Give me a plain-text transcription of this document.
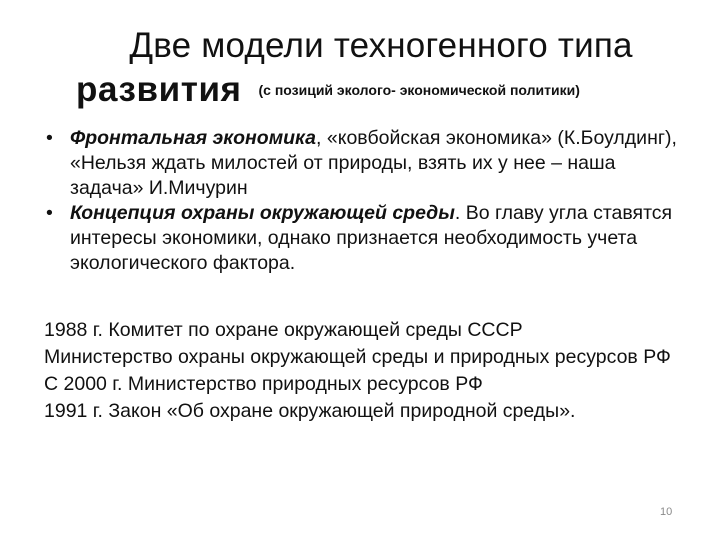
Две модели техногенного типа
развития (с позиций эколого- экономической политики)
• Фронтальная экономика, «ковбойская экономика» (К.Боулдинг), «Нельзя ждать милостей от природы, взять их у нее – наша задача» И.Мичурин
• Концепция охраны окружающей среды. Во главу угла ставятся интересы экономики, однако признается необходимость учета экологического фактора.
1988 г. Комитет по охране окружающей среды СССР
Министерство охраны окружающей среды и природных ресурсов РФ
С 2000 г. Министерство природных ресурсов РФ
1991 г. Закон «Об охране окружающей природной среды».
10
